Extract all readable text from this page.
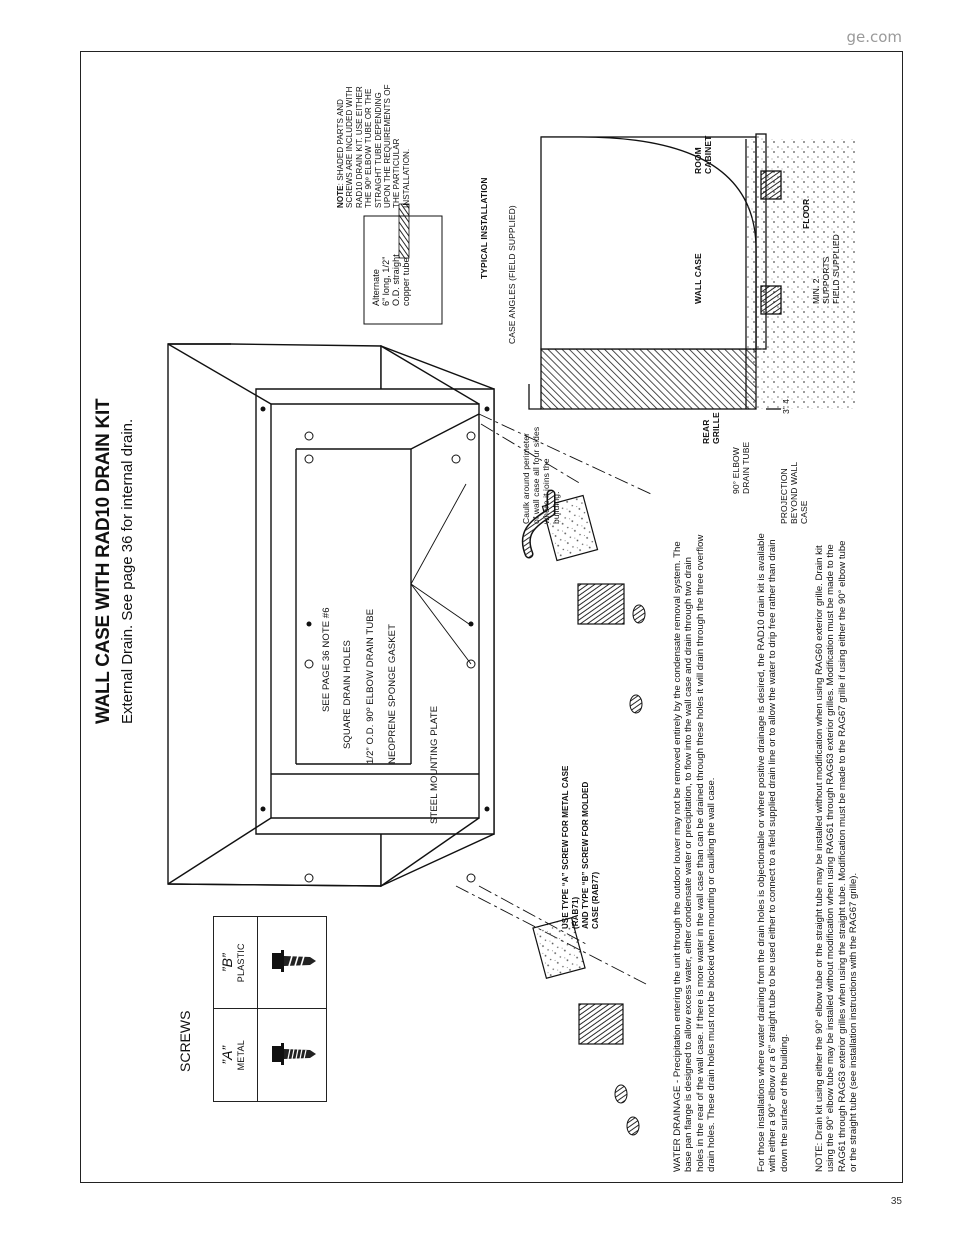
ge.com
WALL CASE WITH RAD10 DRAIN KIT External Drain. See page 36 for internal drain.
SCREWS ”A” METAL
”B” PLASTIC
SEE PAGE 36 NOTE #6 SQUARE DRAIN HOLES 1/2” O.D. 90º ELBOW DRAIN TUBE NEOPRENE SPONGE GASKET
STEEL MOUNTING PLATE
USE TYPE “A” SCREW FOR METAL CASE (RAB71) AND TYPE “B” SCREW FOR MOLDED CASE (RAB77)
Alternate 6” long, 1/2” O.D. straight copper tube.
NOTE: SHADED PARTS AND SCREWS ARE INCLUDED WITH RAD10 DRAIN KIT. USE EITHER THE 90º ELBOW TUBE OR THE STRAIGHT TUBE DEPENDING UPON THE REQUIREMENTS OF THE PARTICULAR INSTALLATION.	TYPICAL INSTALLATION CASE ANGLES (FIELD SUPPLIED)
Caulk around perimeter of wall case all four sides where it joins the building.
REAR GRILLE
90° ELBOW DRAIN TUBE
PROJECTION BEYOND WALL CASE
3” 4
WALL CASE
ROOM CABINET
FLOOR
MIN. 2 SUPPORTS FIELD SUPPLIED
WATER DRAINAGE - Precipitation entering the unit through the outdoor louver may not be removed entirely by the condensate removal system. The base pan flange is designed to allow excess water, either condensate water or precipitation, to flow into the wall case and drain through two drain holes in the rear of the wall case. If there is more water in the wall case than can be drained through these holes it will drain through the three overflow drain holes. These drain holes must not be blocked when mounting or caulking the wall case.	For those installations where water draining from the drain holes is objectionable or where positive drainage is desired, the RAD10 drain kit is available with either a 90° elbow or a 6” straight tube to be used either to connect to a field supplied drain line or to allow the water to drip free rather than drain down the surface of the building.	NOTE: Drain kit using either the 90° elbow tube or the straight tube may be installed without modification when using RAG60 exterior grille. Drain kit using the 90° elbow tube may be installed without modification when using RAG61 through RAG63 exterior grilles. Modification must be made to the RAG61 through RAG63 exterior grilles when using the straight tube. Modification must be made to the RAG67 grille if using either the 90° elbow tube or the straight tube (see installation instructions with the RAG67 grille).
35
